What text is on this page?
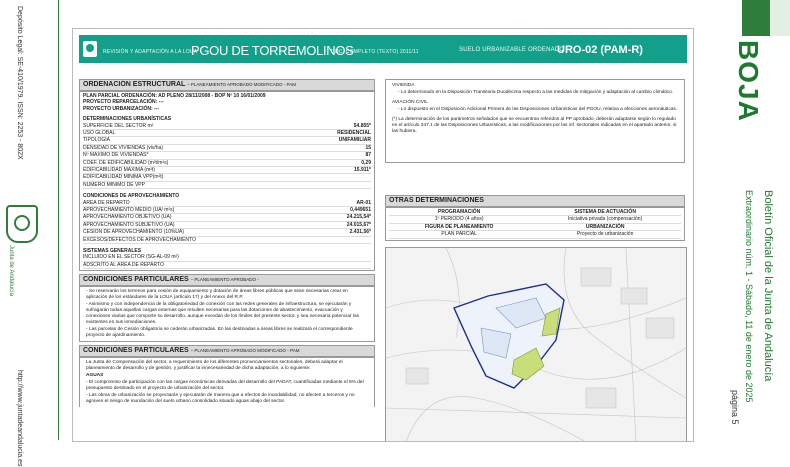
Depósito Legal: SE-410/1979. ISSN: 2253 - 802X
Junta de Andalucía
http://www.juntadeandalucia.es
REVISIÓN Y ADAPTACIÓN A LA LOUA
PGOU DE TORREMOLINOS
DOC. COMPLETO (TEXTO) 2011/11	SUELO URBANIZABLE ORDENADO
URO-02 (PAM-R)
ORDENACIÓN ESTRUCTURAL – PLANEAMIENTO APROBADO MODIFICADO - PAM
PLAN PARCIAL ORDENACIÓN: AD PLENO 28/11/2008 - BOP Nº 10 16/01/2009
PROYECTO REPARCELACIÓN: ---
PROYECTO URBANIZACIÓN: ---
DETERMINACIONES URBANÍSTICAS
SUPERFICIE DEL SECTOR m²	54.855*
USO GLOBAL	RESIDENCIAL
TIPOLOGÍA	UNIFAMILIAR
DENSIDAD DE VIVIENDAS (viv/ha)	15
Nº MÁXIMO DE VIVIENDAS*	87
COEF. DE EDIFICABILIDAD (m²t/m²s)	0,29
EDIFICABILIDAD MÁXIMA (m²t)	15.911*
EDIFICABILIDAD MÍNIMA VPP(m²t)
NÚMERO MÍNIMO DE VPP
CONDICIONES DE APROVECHAMIENTO
ÁREA DE REPARTO	AR-01
APROVECHAMIENTO MEDIO (UA/ m²s)	0,449651
APROVECHAMIENTO OBJETIVO (UA)	24.215,54*
APROVECHAMIENTO SUBJETIVO (UA)	24.015,67*
CESIÓN DE APROVECHAMIENTO (10%UA)	2.431,56*
EXCESOS/DEFECTOS DE APROVECHAMIENTO
SISTEMAS GENERALES
INCLUIDO EN EL SECTOR (SG-AL-09 m²)
ADSCRITO AL ÁREA DE REPARTO
CONDICIONES PARTICULARES – PLANEAMIENTO APROBADO -
- Se reservarán los terrenos para cesión de equipamiento y dotación de áreas libres públicas que sean necesarias crear en aplicación de los estándares de la LOUA (artículo 17) y del Anexo del R.P.
- Asimismo y con independencia de la obligatoriedad de conexión con las redes generales de infraestructura, se ejecutarán y sufragarán todas aquellas cargas externas que resulten necesarias para las dotaciones de abastecimiento, evacuación y conexiones viarias que comporte su desarrollo, aunque excedan de los límites del presente sector, y sea necesaria potenciar las existentes en sus inmediaciones.
- Las parcelas de Cesión obligatoria se cederán urbanizadas. En las destinadas a áreas libres se realizará el correspondiente proyecto de ajardinamiento.
CONDICIONES PARTICULARES – PLANEAMIENTO APROBADO MODIFICADO - PAM
La Junta de Compensación del sector, a requerimiento de los diferentes pronunciamientos sectoriales, deberá adaptar el planeamiento de desarrollo y de gestión, y justificar la innecesariedad de dicha adaptación, a lo siguiente:
AGUAS
- El compromiso de participación con las cargas económicas derivadas del desarrollo del PADAT, cuantificadas mediante el 5% del presupuesto destinado en el proyecto de urbanización del sector.
- Las obras de urbanización se proyectarán y ejecutarán de manera que a efectos de inundabilidad, no afecten a terceros y no agraven el riesgo de inundación del suelo urbano consolidado situado aguas abajo del sector.
VIVIENDA
- Lo determinado en la Disposición Transitoria Duodécima respecto a las medidas de mitigación y adaptación al cambio climático.
AVIACIÓN CIVIL
- Lo dispuesto en el Disposición Adicional Primera de las Disposiciones Urbanísticas del PGOU, relativa a afecciones aeronáuticas.
(*) La determinación de los parámetros señalados que se encuentran referidos al PP aprobado, deberán adaptarse según lo regulado en el artículo 347.1 de las Disposiciones Urbanísticas, a las modificaciones por las inf. sectoriales indicadas en el apartado anterior, si las hubiera.
OTRAS DETERMINACIONES
PROGRAMACIÓN	SISTEMA DE ACTUACIÓN
1º PERIODO (4 años)	Iniciativa privada (compensación)
FIGURA DE PLANEAMIENTO	URBANIZACIÓN
PLAN PARCIAL	Proyecto de urbanización
BOJA
Boletín Oficial de la Junta de Andalucía
Extraordinario núm. 1 - Sábado, 11 de enero de 2025
página 5
